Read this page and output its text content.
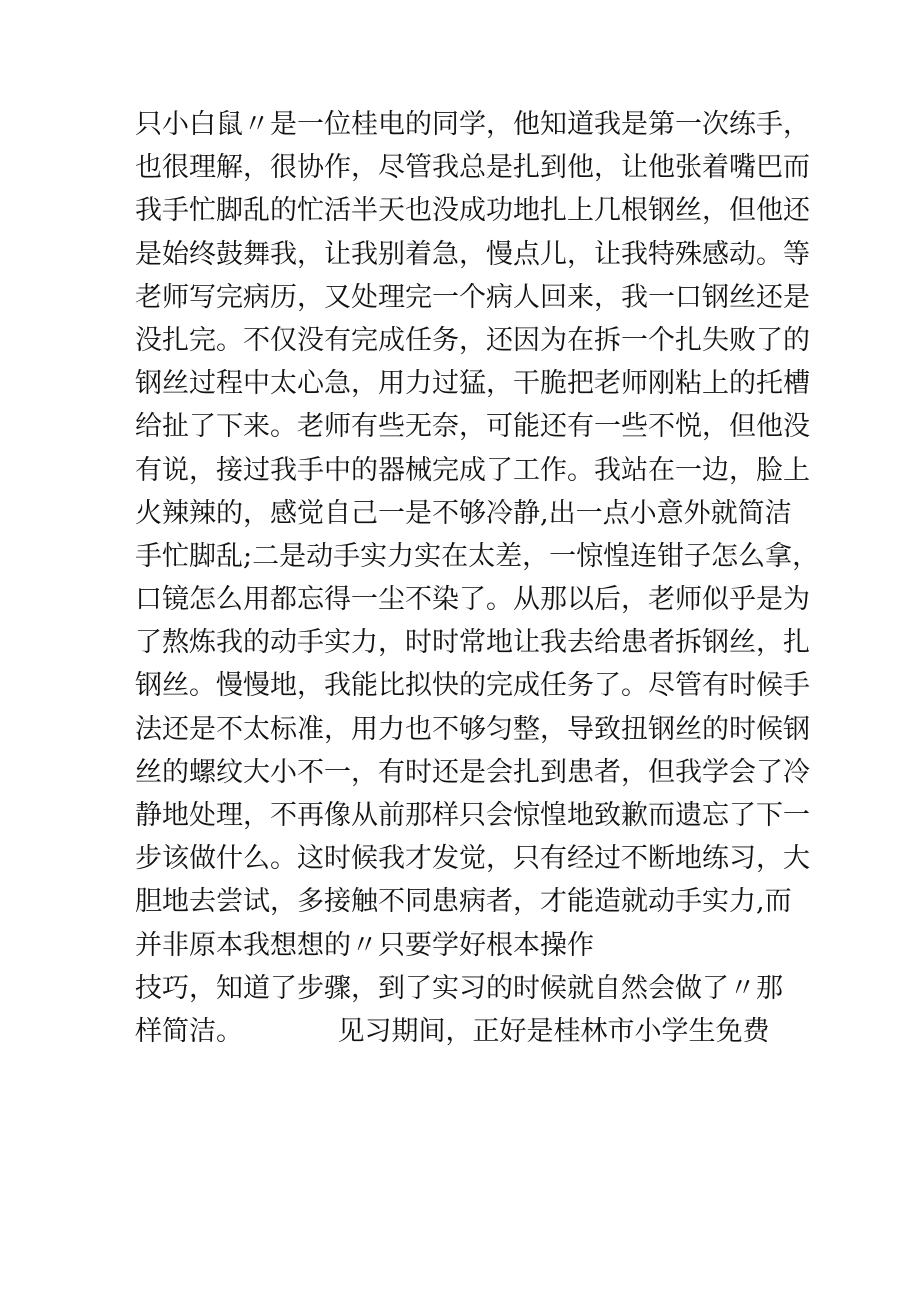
只小白鼠〃是一位桂电的同学，他知道我是第一次练手，
也很理解，很协作，尽管我总是扎到他，让他张着嘴巴而
我手忙脚乱的忙活半天也没成功地扎上几根钢丝，但他还
是始终鼓舞我，让我别着急，慢点儿，让我特殊感动。等
老师写完病历，又处理完一个病人回来，我一口钢丝还是
没扎完。不仅没有完成任务，还因为在拆一个扎失败了的
钢丝过程中太心急，用力过猛，干脆把老师刚粘上的托槽
给扯了下来。老师有些无奈，可能还有一些不悦，但他没
有说，接过我手中的器械完成了工作。我站在一边，脸上
火辣辣的，感觉自己一是不够冷静,出一点小意外就简洁
手忙脚乱;二是动手实力实在太差，一惊惶连钳子怎么拿，
口镜怎么用都忘得一尘不染了。从那以后，老师似乎是为
了熬炼我的动手实力，时时常地让我去给患者拆钢丝，扎
钢丝。慢慢地，我能比拟快的完成任务了。尽管有时候手
法还是不太标准，用力也不够匀整，导致扭钢丝的时候钢
丝的螺纹大小不一，有时还是会扎到患者，但我学会了冷
静地处理，不再像从前那样只会惊惶地致歉而遗忘了下一
步该做什么。这时候我才发觉，只有经过不断地练习，大
胆地去尝试，多接触不同患病者，才能造就动手实力,而
并非原本我想想的〃只要学好根本操作
技巧，知道了步骤，到了实习的时候就自然会做了〃那
样简洁。　　　　见习期间，正好是桂林市小学生免费
